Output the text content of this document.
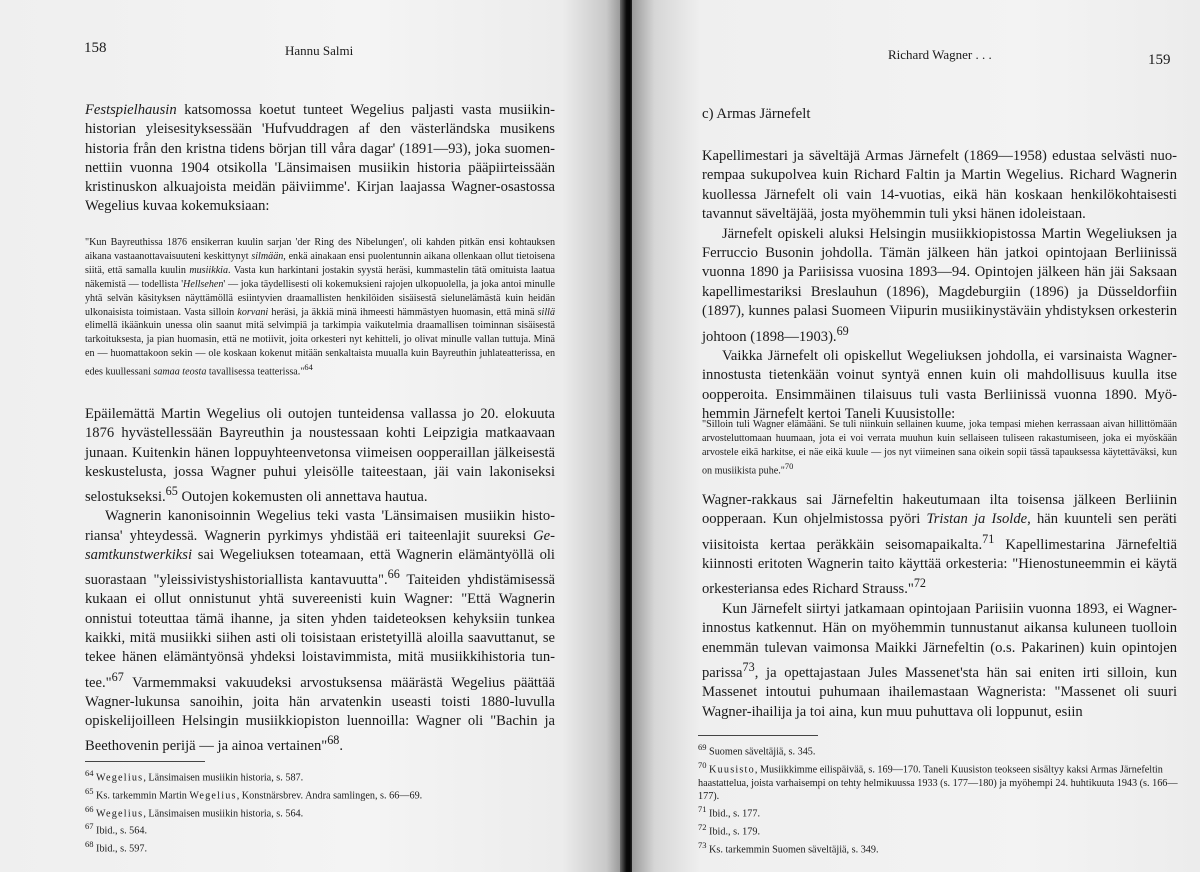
158	Hannu Salmi

Festspielhausin katsomossa koetut tunteet Wegelius paljasti vasta musiikinhistorian yleisesityksessään 'Hufvuddragen af den västerländska musikens historia från den kristna tidens början till våra dagar' (1891—93), joka suomennettiin vuonna 1904 otsikolla 'Länsimaisen musiikin historia pääpiirteissään kristinuskon alkuajoista meidän päiviimme'. Kirjan laajassa Wagner-osastossa Wegelius kuvaa kokemuksiaan:

"Kun Bayreuthissa 1876 ensikerran kuulin sarjan 'der Ring des Nibelungen', oli kahden pitkän ensi kohtauksen aikana vastaanottavaisuuteni keskittynyt silmään, enkä ainakaan ensi puolentunnin aikana ollenkaan ollut tietoisena siitä, että samalla kuulin musiikkia. Vasta kun harkintani jostakin syystä heräsi, kummastelin tätä omituista laatua näkemistä — todellista 'Hellsehen' — joka täydellisesti oli kokemuksieni rajojen ulkopuolella, ja joka antoi minulle yhtä selvän käsityksen näyttämöllä esiintyvien draamallisten henkilöiden sisäisestä sielunelämästä kuin heidän ulkonaisista toimistaan. Vasta silloin korvani heräsi, ja äkkiä minä ihmeesti hämmästyen huomasin, että minä sillä elimellä ikäänkuin unessa olin saanut mitä selvimpiä ja tarkimpia vaikutelmia draamallisen toiminnan sisäisestä tarkoituksesta, ja pian huomasin, että ne motiivit, joita orkesteri nyt kehitteli, jo olivat minulle vallan tuttuja. Minä en — huomattakoon sekin — ole koskaan kokenut mitään senkaltaista muualla kuin Bayreuthin juhlateatterissa, en edes kuullessani samaa teosta tavallisessa teatterissa."$^{64}$

Epäilemättä Martin Wegelius oli outojen tunteidensa vallassa jo 20. elokuuta 1876 hyvästellessään Bayreuthin ja noustessaan kohti Leipzigia matkaavaan junaan. Kuitenkin hänen loppuyhteenvetonsa viimeisen oopperaillan jälkeisestä keskustelusta, jossa Wagner puhui yleisölle taiteestaan, jäi vain lakoniseksi selostukseksi.$^{65}$ Outojen kokemusten oli annettava hautua.

Wagnerin kanonisoinnin Wegelius teki vasta 'Länsimaisen musiikin historiansa' yhteydessä. Wagnerin pyrkimys yhdistää eri taiteenlajit suureksi Gesamtkunstwerkiksi sai Wegeliuksen toteamaan, että Wagnerin elämäntyöllä oli suorastaan "yleissivistyshistoriallista kantavuutta".$^{66}$ Taiteiden yhdistämisessä kukaan ei ollut onnistunut yhtä suvereenisti kuin Wagner: "Että Wagnerin onnistui toteuttaa tämä ihanne, ja siten yhden taideteoksen kehyksiin tunkea kaikki, mitä musiikki siihen asti oli toisistaan eristetyillä aloilla saavuttanut, se tekee hänen elämäntyönsä yhdeksi loistavimmista, mitä musiikkihistoria tuntee."$^{67}$ Varmemmaksi vakuudeksi arvostuksensa määrästä Wegelius päättää Wagner-lukunsa sanoihin, joita hän arvatenkin useasti toisti 1880-luvulla opiskelijoilleen Helsingin musiikkiopiston luennoilla: Wagner oli "Bachin ja Beethovenin perijä — ja ainoa vertainen"$^{68}$.

$^{64}$ Wegelius, Länsimaisen musiikin historia, s. 587.
$^{65}$ Ks. tarkemmin Martin Wegelius, Konstnärsbrev. Andra samlingen, s. 66—69.
$^{66}$ Wegelius, Länsimaisen musiikin historia, s. 564.
$^{67}$ Ibid., s. 564.
$^{68}$ Ibid., s. 597.
Richard Wagner . . .	159
c) Armas Järnefelt

Kapellimestari ja säveltäjä Armas Järnefelt (1869—1958) edustaa selvästi nuorempaa sukupolvea kuin Richard Faltin ja Martin Wegelius. Richard Wagnerin kuollessa Järnefelt oli vain 14-vuotias, eikä hän koskaan henkilökohtaisesti tavannut säveltäjää, josta myöhemmin tuli yksi hänen idoleistaan.

Järnefelt opiskeli aluksi Helsingin musiikkiopistossa Martin Wegeliuksen ja Ferruccio Busonin johdolla. Tämän jälkeen hän jatkoi opintojaan Berliinissä vuonna 1890 ja Pariisissa vuosina 1893—94. Opintojen jälkeen hän jäi Saksaan kapellimestariksi Breslauhun (1896), Magdeburgiin (1896) ja Düsseldorfiin (1897), kunnes palasi Suomeen Viipurin musiikinystäväin yhdistyksen orkesterin johtoon (1898—1903).$^{69}$

Vaikka Järnefelt oli opiskellut Wegeliuksen johdolla, ei varsinaista Wagnerinnostusta tietenkään voinut syntyä ennen kuin oli mahdollisuus kuulla itse oopperoita. Ensimmäinen tilaisuus tuli vasta Berliinissä vuonna 1890. Myöhemmin Järnefelt kertoi Taneli Kuusistolle:

"Silloin tuli Wagner elämääni. Se tuli niinkuin sellainen kuume, joka tempasi miehen kerrassaan aivan hillittömään arvosteluttomaan huumaan, jota ei voi verrata muuhun kuin sellaiseen tuliseen rakastumiseen, joka ei myöskään arvostele eikä harkitse, ei näe eikä kuule — jos nyt viimeinen sana oikein sopii tässä tapauksessa käytettäväksi, kun on musiikista puhe."$^{70}$

Wagner-rakkaus sai Järnefeltin hakeutumaan ilta toisensa jälkeen Berliinin oopperaan. Kun ohjelmistossa pyöri Tristan ja Isolde, hän kuunteli sen peräti viisitoista kertaa peräkkäin seisomapaikalta.$^{71}$ Kapellimestarina Järnefeltiä kiinnosti eritoten Wagnerin taito käyttää orkesteria: "Hienostuneemmin ei käytä orkesteriansa edes Richard Strauss."$^{72}$

Kun Järnefelt siirtyi jatkamaan opintojaan Pariisiin vuonna 1893, ei Wagner-innostus katkennut. Hän on myöhemmin tunnustanut aikansa kuluneen tuolloin enemmän tulevan vaimonsa Maikki Järnefeltin (o.s. Pakarinen) kuin opintojen parissa$^{73}$, ja opettajastaan Jules Massenet'sta hän sai eniten irti silloin, kun Massenet intoutui puhumaan ihailemastaan Wagnerista: "Massenet oli suuri Wagner-ihailija ja toi aina, kun muu puhuttava oli loppunut, esiin

$^{69}$ Suomen säveltäjiä, s. 345.
$^{70}$ Kuusisto, Musiikkimme eilispäivää, s. 169—170. Taneli Kuusiston teokseen sisältyy kaksi Armas Järnefeltin haastattelua, joista varhaisempi on tehty helmikuussa 1933 (s. 177—180) ja myöhempi 24. huhtikuuta 1943 (s. 166—177).
$^{71}$ Ibid., s. 177.
$^{72}$ Ibid., s. 179.
$^{73}$ Ks. tarkemmin Suomen säveltäjiä, s. 349.
